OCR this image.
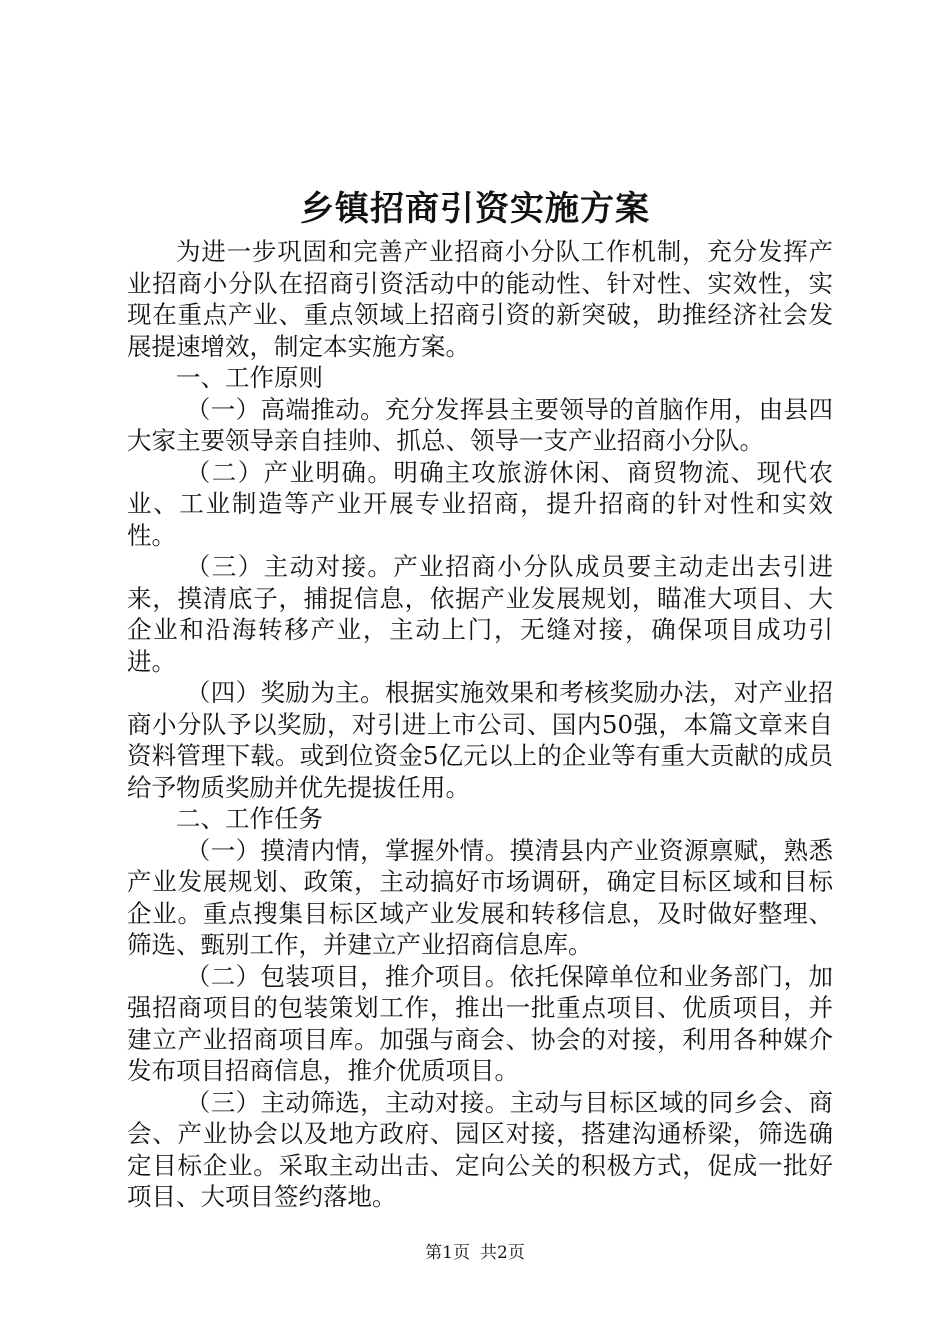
乡镇招商引资实施方案

为进一步巩固和完善产业招商小分队工作机制，充分发挥产业招商小分队在招商引资活动中的能动性、针对性、实效性，实现在重点产业、重点领域上招商引资的新突破，助推经济社会发展提速增效，制定本实施方案。

一、工作原则

（一）高端推动。充分发挥县主要领导的首脑作用，由县四大家主要领导亲自挂帅、抓总、领导一支产业招商小分队。

（二）产业明确。明确主攻旅游休闲、商贸物流、现代农业、工业制造等产业开展专业招商，提升招商的针对性和实效性。

（三）主动对接。产业招商小分队成员要主动走出去引进来，摸清底子，捕捉信息，依据产业发展规划，瞄准大项目、大企业和沿海转移产业，主动上门，无缝对接，确保项目成功引进。

（四）奖励为主。根据实施效果和考核奖励办法，对产业招商小分队予以奖励，对引进上市公司、国内50强，本篇文章来自资料管理下载。或到位资金5亿元以上的企业等有重大贡献的成员给予物质奖励并优先提拔任用。

二、工作任务

（一）摸清内情，掌握外情。摸清县内产业资源禀赋，熟悉产业发展规划、政策，主动搞好市场调研，确定目标区域和目标企业。重点搜集目标区域产业发展和转移信息，及时做好整理、筛选、甄别工作，并建立产业招商信息库。

（二）包装项目，推介项目。依托保障单位和业务部门，加强招商项目的包装策划工作，推出一批重点项目、优质项目，并建立产业招商项目库。加强与商会、协会的对接，利用各种媒介发布项目招商信息，推介优质项目。

（三）主动筛选，主动对接。主动与目标区域的同乡会、商会、产业协会以及地方政府、园区对接，搭建沟通桥梁，筛选确定目标企业。采取主动出击、定向公关的积极方式，促成一批好项目、大项目签约落地。

第1页 共2页
